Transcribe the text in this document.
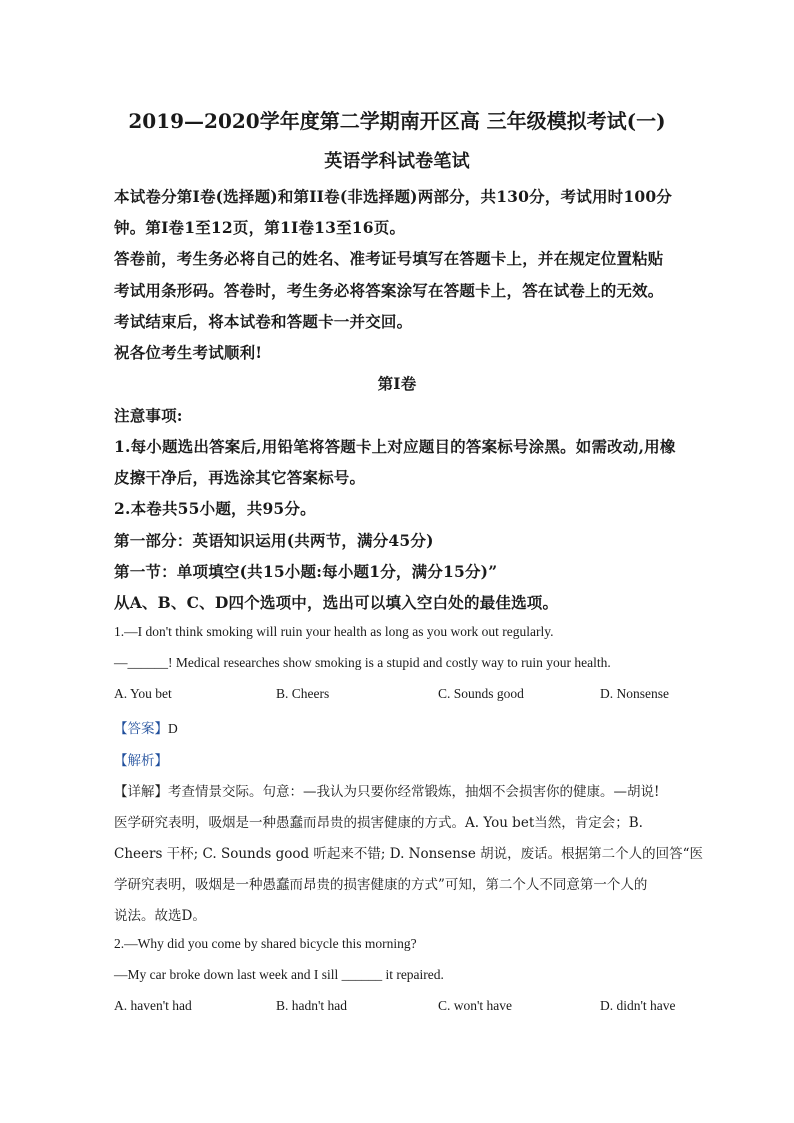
2019—2020学年度第二学期南开区高 三年级模拟考试(一)
英语学科试卷笔试
本试卷分第I卷(选择题)和第II卷(非选择题)两部分，共130分，考试用时100分
钟。第I卷1至12页，第1I卷13至16页。
答卷前，考生务必将自己的姓名、准考证号填写在答题卡上，并在规定位置粘贴
考试用条形码。答卷时，考生务必将答案涂写在答题卡上，答在试卷上的无效。
考试结束后，将本试卷和答题卡一并交回。
祝各位考生考试顺利!
第I卷
注意事项:
1.每小题选出答案后,用铅笔将答题卡上对应题目的答案标号涂黑。如需改动,用橡
皮擦干净后，再选涂其它答案标号。
2.本卷共55小题，共95分。
第一部分：英语知识运用(共两节，满分45分)
第一节：单项填空(共15小题:每小题1分，满分15分)”
从A、B、C、D四个选项中，选出可以填入空白处的最佳选项。
1.—I don't think smoking will ruin your health as long as you work out regularly.
—______! Medical researches show smoking is a stupid and costly way to ruin your health.
A. You bet	B. Cheers	C. Sounds good	D. Nonsense
【答案】D
【解析】
【详解】考查情景交际。句意：—我认为只要你经常锻炼，抽烟不会损害你的健康。—胡说!
医学研究表明，吸烟是一种愚蠢而昂贵的损害健康的方式。A. You bet当然，肯定会；B.
Cheers 干杯; C. Sounds good 听起来不错; D. Nonsense 胡说，废话。根据第二个人的回答“医
学研究表明，吸烟是一种愚蠢而昂贵的损害健康的方式”可知，第二个人不同意第一个人的
说法。故选D。
2.—Why did you come by shared bicycle this morning?
—My car broke down last week and I sill ______ it repaired.
A. haven't had	B. hadn't had	C. won't have	D. didn't have
